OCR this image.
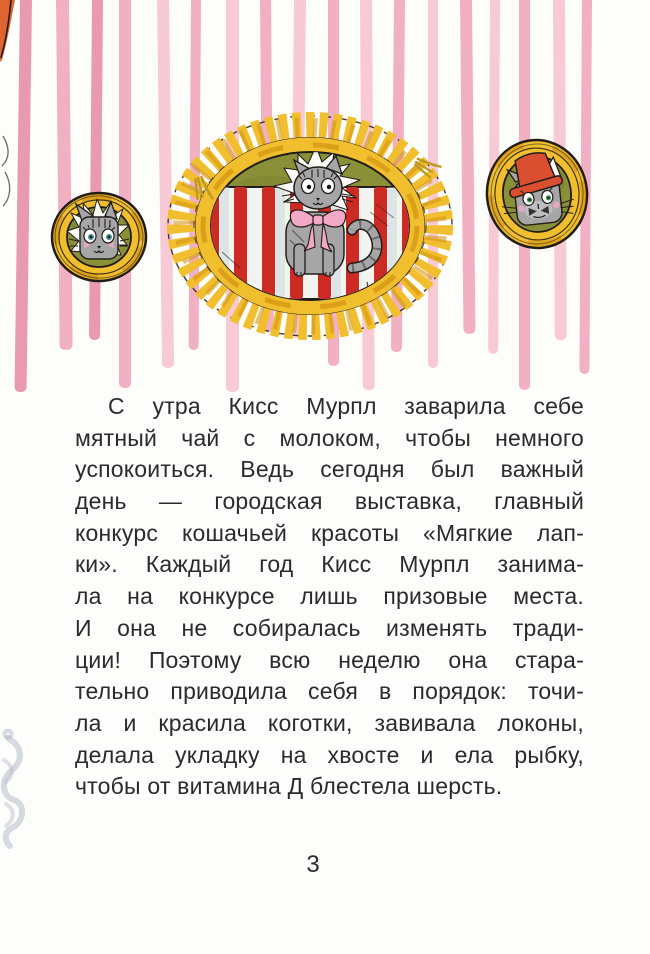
С утра Кисс Мурпл заварила себе
мятный чай с молоком, чтобы немного
успокоиться. Ведь сегодня был важный
день — городская выставка, главный
конкурс кошачьей красоты «Мягкие лап-
ки». Каждый год Кисс Мурпл занима-
ла на конкурсе лишь призовые места.
И она не собиралась изменять тради-
ции! Поэтому всю неделю она стара-
тельно приводила себя в порядок: точи-
ла и красила коготки, завивала локоны,
делала укладку на хвосте и ела рыбку,
чтобы от витамина Д блестела шерсть.
3
